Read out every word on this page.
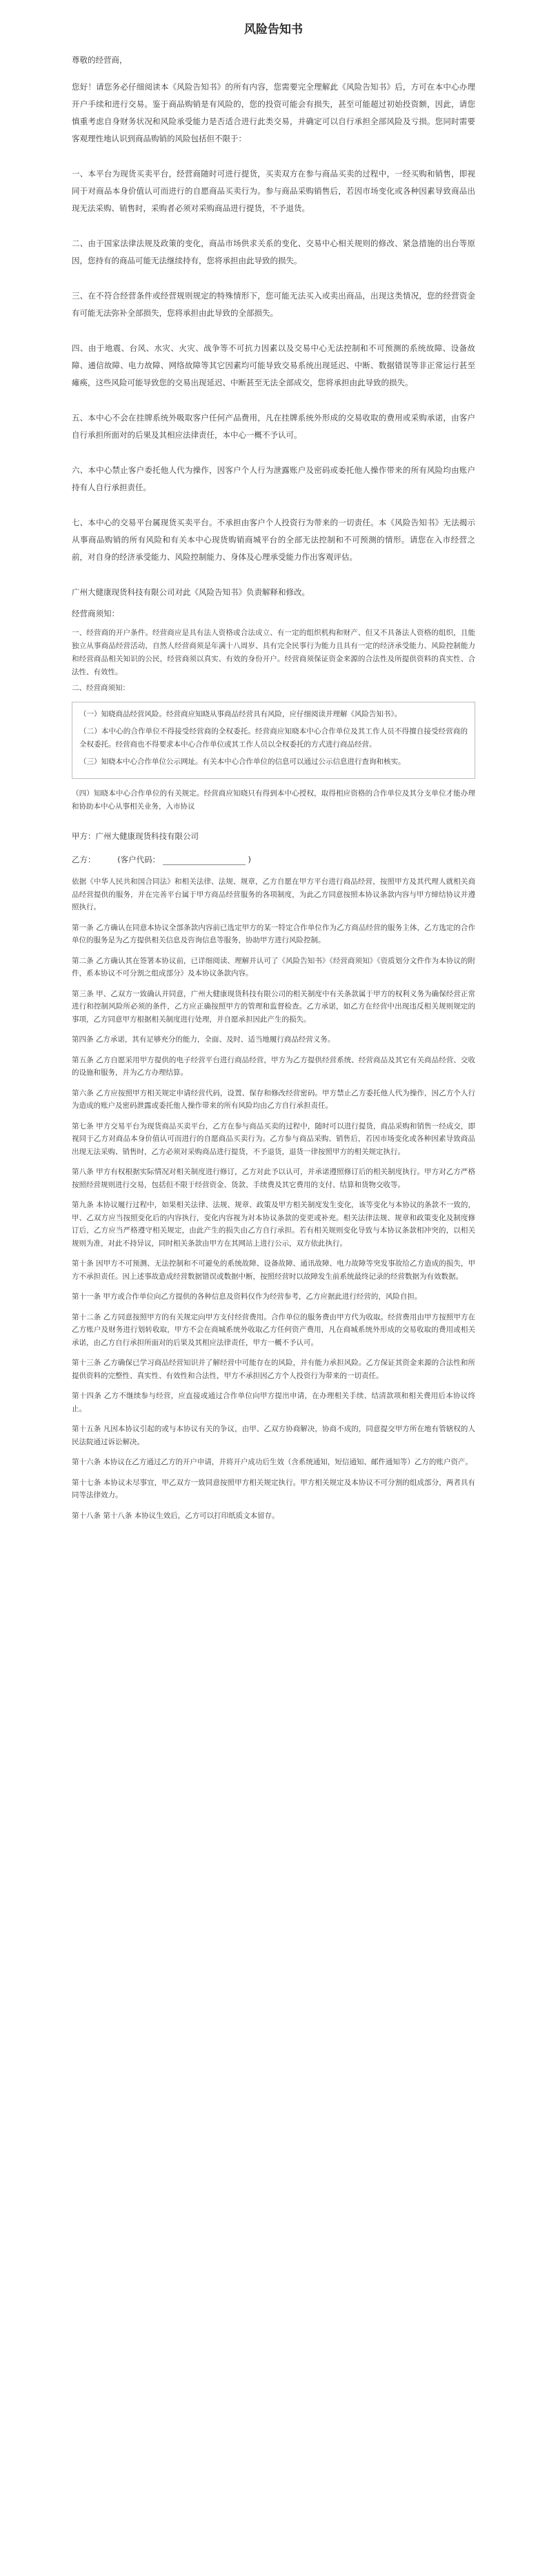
风险告知书

尊敬的经营商，

您好！请您务必仔细阅读本《风险告知书》的所有内容，您需要完全理解此《风险告知书》后，方可在本中心办理开户手续和进行交易。鉴于商品购销是有风险的，您的投资可能会有损失，甚至可能超过初始投资额，因此，请您慎重考虑自身财务状况和风险承受能力是否适合进行此类交易，并确定可以自行承担全部风险及亏损。您同时需要客观理性地认识到商品购销的风险包括但不限于：

一、本平台为现货买卖平台，经营商随时可进行提货，买卖双方在参与商品买卖的过程中，一经买购和销售，即视同于对商品本身价值认可而进行的自愿商品买卖行为。参与商品采购销售后，若因市场变化或各种因素导致商品出现无法采购、销售时，采购者必须对采购商品进行提货，不予退货。

二、由于国家法律法规及政策的变化，商品市场供求关系的变化、交易中心相关规则的修改、紧急措施的出台等原因，您持有的商品可能无法继续持有，您将承担由此导致的损失。

三、在不符合经营条件或经营规则规定的特殊情形下，您可能无法买入或卖出商品，出现这类情况，您的经营资金有可能无法弥补全部损失，您将承担由此导致的全部损失。

四、由于地震、台风、水灾、火灾、战争等不可抗力因素以及交易中心无法控制和不可预测的系统故障、设备故障、通信故障、电力故障、网络故障等其它因素均可能导致交易系统出现延迟、中断、数据错误等非正常运行甚至瘫痪，这些风险可能导致您的交易出现延迟、中断甚至无法全部成交，您将承担由此导致的损失。

五、本中心不会在挂牌系统外吸取客户任何产品费用，凡在挂牌系统外形成的交易收取的费用或采购承诺，由客户自行承担所面对的后果及其相应法律责任，本中心一概不予认可。

六、本中心禁止客户委托他人代为操作，因客户个人行为泄露账户及密码或委托他人操作带来的所有风险均由账户持有人自行承担责任。

七、本中心的交易平台属现货买卖平台。不承担由客户个人投资行为带来的一切责任。本《风险告知书》无法揭示从事商品购销的所有风险和有关本中心现货购销商城平台的全部无法控制和不可预测的情形。请您在入市经营之前，对自身的经济承受能力、风险控制能力、身体及心理承受能力作出客观评估。

广州大健康现货科技有限公司对此《风险告知书》负责解释和修改。

经营商须知：

一、经营商的开户条件。经营商应是具有法人资格或合法成立、有一定的组织机构和财产、但又不具备法人资格的组织，且能独立从事商品经营活动，自然人经营商须是年满十八周岁、具有完全民事行为能力且具有一定的经济承受能力、风险控制能力和经营商品相关知识的公民，经营商须以真实、有效的身份开户。经营商须保证资金来源的合法性及所提供资料的真实性、合法性、有效性。

二、经营商须知：

（一）知晓商品经营风险。经营商应知晓从事商品经营具有风险，应仔细阅读并理解《风险告知书》。

（二）本中心的合作单位不得接受经营商的全权委托。经营商应知晓本中心合作单位及其工作人员不得擅自接受经营商的全权委托。经营商也不得要求本中心合作单位或其工作人员以全权委托的方式进行商品经营。

（三）知晓本中心合作单位公示网址。有关本中心合作单位的信息可以通过公示信息进行查询和核实。

（四）知晓本中心合作单位的有关规定。经营商应知晓只有得到本中心授权，取得相应资格的合作单位及其分支单位才能办理和协助本中心从事相关业务，入市协议

甲方：广州大健康现货科技有限公司
乙方：	(客户代码：	)

依据《中华人民共和国合同法》和相关法律、法规、规章，乙方自愿在甲方平台进行商品经营，按照甲方及其代理人就相关商品经营提供的服务，并在完善平台属于甲方商品经营服务的各项制度，为此乙方同意按照本协议条款内容与甲方缔结协议并遵照执行。

第一条 乙方确认在同意本协议全部条款内容前已选定甲方的某一特定合作单位作为乙方商品经营的服务主体，乙方选定的合作单位的服务是为乙方提供相关信息及咨询信息等服务，协助甲方进行风险控制。

第二条 乙方确认其在签署本协议前，已详细阅读、理解并认可了《风险告知书》《经营商须知》《资质划分文件作为本协议的附件，系本协议不可分割之组成部分》及本协议条款内容。

第三条 甲、乙双方一致确认并同意，广州大健康现货科技有限公司的相关制度中有关条款属于甲方的权利义务为确保经营正常进行和控制风险所必须的条件，乙方应正确按照甲方的管理和监督检查。乙方承诺，如乙方在经营中出现违反相关规则规定的事项，乙方同意甲方根据相关制度进行处理，并自愿承担因此产生的损失。

第四条 乙方承诺，其有足够充分的能力，全面、及时、适当地履行商品经营义务。

第五条 乙方自愿采用甲方提供的电子经营平台进行商品经营，甲方为乙方提供经营系统、经营商品及其它有关商品经营、交收的设施和服务，并为乙方办理结算。

第六条 乙方应按照甲方相关规定申请经营代码，设置、保存和修改经营密码。甲方禁止乙方委托他人代为操作，因乙方个人行为造成的账户及密码泄露或委托他人操作带来的所有风险均由乙方自行承担责任。

第七条 甲方交易平台为现货商品买卖平台，乙方在参与商品买卖的过程中，随时可以进行提货，商品采购和销售一经成交，即视同于乙方对商品本身价值认可而进行的自愿商品买卖行为。乙方参与商品采购、销售后，若因市场变化或各种因素导致商品出现无法采购、销售时，乙方必须对采购商品进行提货，不予退货，退货一律按照甲方的相关规定执行。

第八条 甲方有权根据实际情况对相关制度进行修订，乙方对此予以认可，并承诺遵照修订后的相关制度执行。甲方对乙方严格按照经营规则进行交易，包括但不限于经营资金、货款、手续费及其它费用的支付、结算和货物交收等。

第九条 本协议履行过程中，如果相关法律、法规、规章、政策及甲方相关制度发生变化，该等变化与本协议的条款不一致的，甲、乙双方应当按照变化后的内容执行，变化内容视为对本协议条款的变更或补充。相关法律法规、规章和政策变化及制度修订后，乙方应当严格遵守相关规定，由此产生的损失由乙方自行承担。若有相关规则变化导致与本协议条款相冲突的，以相关规则为准，对此不持异议，同时相关条款由甲方在其网站上进行公示，双方依此执行。

第十条 因甲方不可预测、无法控制和不可避免的系统故障、设备故障、通讯故障、电力故障等突发事故给乙方造成的损失，甲方不承担责任。因上述事故造成经营数据错误或数据中断，按照经营时以故障发生前系统最终记录的经营数据为有效数据。

第十一条 甲方或合作单位向乙方提供的各种信息及资料仅作为经营参考，乙方应据此进行经营的，风险自担。

第十二条 乙方同意按照甲方的有关规定向甲方支付经营费用。合作单位的服务费由甲方代为收取。经营费用由甲方按照甲方在乙方账户及财务进行划转收取，甲方不会在商城系统外收取乙方任何资产费用，凡在商城系统外形成的交易收取的费用或相关承诺，由乙方自行承担所面对的后果及其相应法律责任，甲方一概不予认可。

第十三条 乙方确保已学习商品经营知识并了解经营中可能存在的风险，并有能力承担风险。乙方保证其资金来源的合法性和所提供资料的完整性、真实性、有效性和合法性，甲方不承担因乙方个人投资行为带来的一切责任。

第十四条 乙方不继续参与经营，应直接或通过合作单位向甲方提出申请，在办理相关手续、结清款项和相关费用后本协议终止。

第十五条 凡因本协议引起的或与本协议有关的争议，由甲、乙双方协商解决，协商不成的，同意提交甲方所在地有管辖权的人民法院通过诉讼解决。

第十六条 本协议在乙方通过乙方的开户申请，并将开户成功后生效（含系统通知，短信通知、邮件通知等）乙方的账户资产。

第十七条 本协议未尽事宜，甲乙双方一致同意按照甲方相关规定执行。甲方相关规定及本协议不可分割的组成部分，两者具有同等法律效力。

第十八条 第十八条 本协议生效后，乙方可以打印纸质文本留存。
